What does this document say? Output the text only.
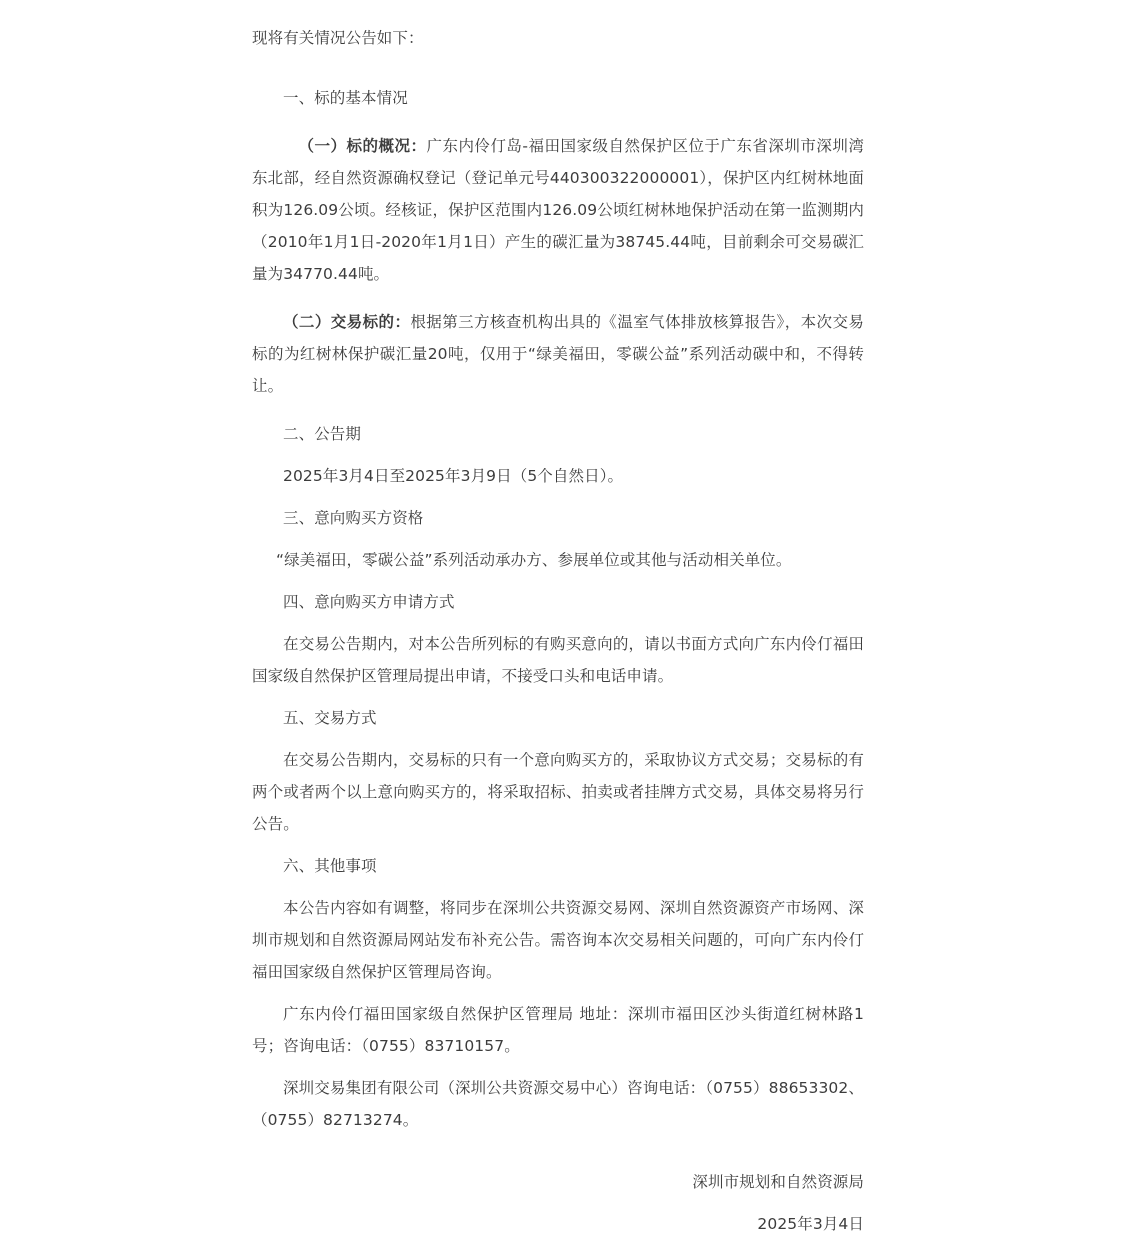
现将有关情况公告如下：

一、标的基本情况

（一）标的概况：广东内伶仃岛-福田国家级自然保护区位于广东省深圳市深圳湾东北部，经自然资源确权登记（登记单元号440300322000001），保护区内红树林地面积为126.09公顷。经核证，保护区范围内126.09公顷红树林地保护活动在第一监测期内（2010年1月1日-2020年1月1日）产生的碳汇量为38745.44吨，目前剩余可交易碳汇量为34770.44吨。

（二）交易标的：根据第三方核查机构出具的《温室气体排放核算报告》，本次交易标的为红树林保护碳汇量20吨，仅用于“绿美福田，零碳公益”系列活动碳中和，不得转让。

二、公告期

2025年3月4日至2025年3月9日（5个自然日）。

三、意向购买方资格

“绿美福田，零碳公益”系列活动承办方、参展单位或其他与活动相关单位。

四、意向购买方申请方式

在交易公告期内，对本公告所列标的有购买意向的，请以书面方式向广东内伶仃福田国家级自然保护区管理局提出申请，不接受口头和电话申请。

五、交易方式

在交易公告期内，交易标的只有一个意向购买方的，采取协议方式交易；交易标的有两个或者两个以上意向购买方的，将采取招标、拍卖或者挂牌方式交易，具体交易将另行公告。

六、其他事项

本公告内容如有调整，将同步在深圳公共资源交易网、深圳自然资源资产市场网、深圳市规划和自然资源局网站发布补充公告。需咨询本次交易相关问题的，可向广东内伶仃福田国家级自然保护区管理局咨询。

广东内伶仃福田国家级自然保护区管理局 地址：深圳市福田区沙头街道红树林路1号；咨询电话：（0755）83710157。

深圳交易集团有限公司（深圳公共资源交易中心）咨询电话：（0755）88653302、（0755）82713274。

深圳市规划和自然资源局

2025年3月4日
